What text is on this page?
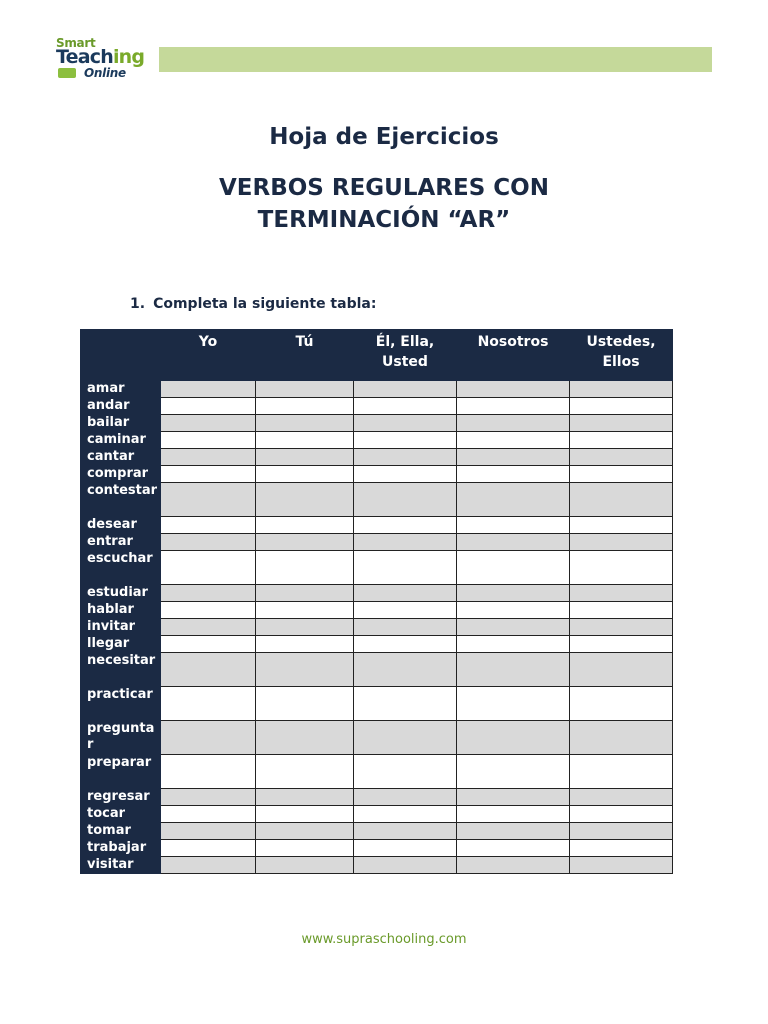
Smart
Teaching
Online
Hoja de Ejercicios
VERBOS REGULARES CON
TERMINACIÓN “AR”
1. Completa la siguiente tabla:
	Yo	Tú	Él, Ella, Usted	Nosotros	Ustedes, Ellos
amar					
andar					
bailar					
caminar					
cantar					
comprar					
contestar					
desear					
entrar					
escuchar					
estudiar					
hablar					
invitar					
llegar					
necesitar					
practicar					
preguntar					
preparar					
regresar					
tocar					
tomar					
trabajar					
visitar					
www.supraschooling.com
